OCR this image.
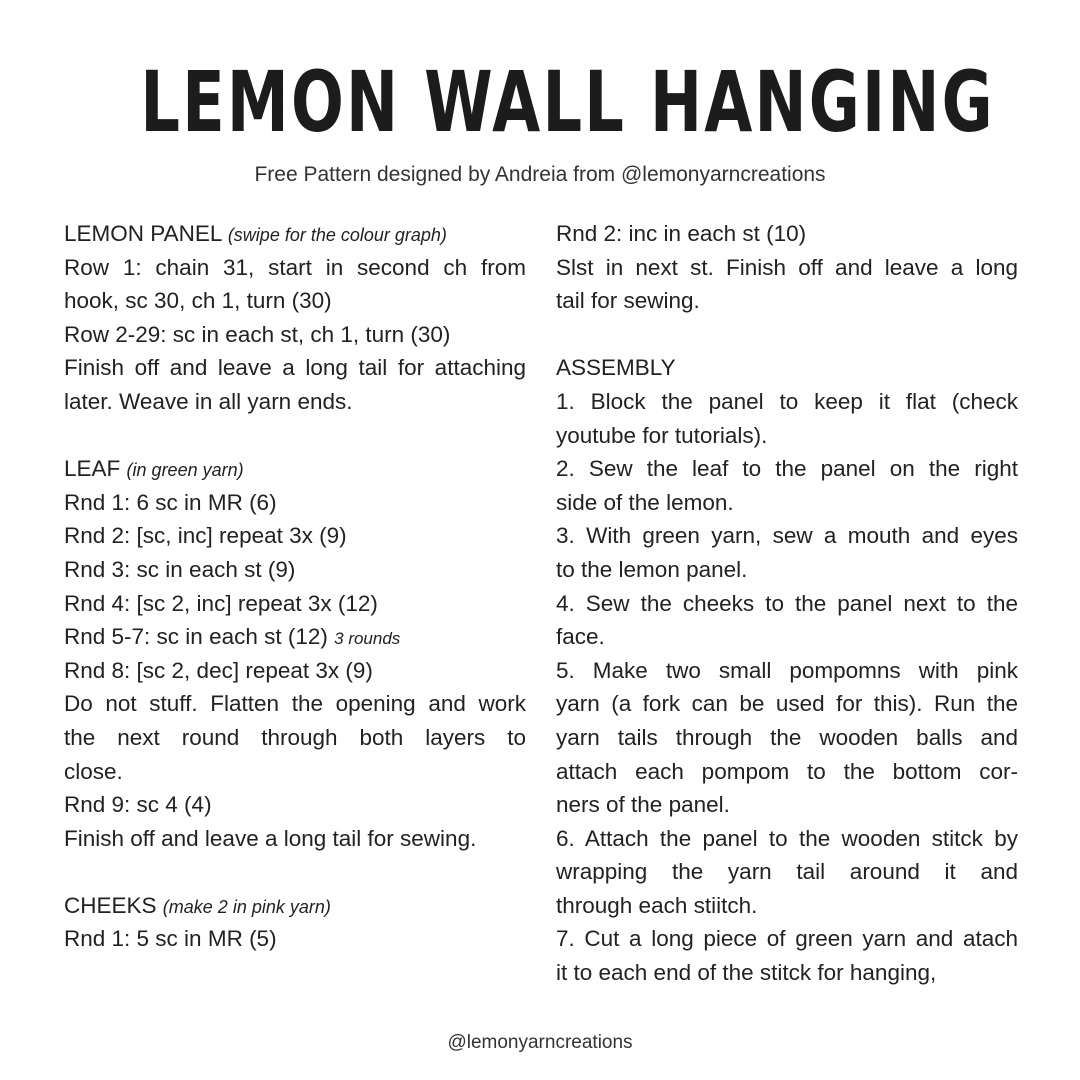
LEMON WALL HANGING
Free Pattern designed by Andreia from @lemonyarncreations
LEMON PANEL (swipe for the colour graph)
Row 1: chain 31, start in second ch from
hook, sc 30, ch 1, turn (30)
Row 2-29: sc in each st, ch 1, turn (30)
Finish off and leave a long tail for attaching
later. Weave in all yarn ends.
LEAF (in green yarn)
Rnd 1: 6 sc in MR (6)
Rnd 2: [sc, inc] repeat 3x (9)
Rnd 3: sc in each st (9)
Rnd 4: [sc 2, inc] repeat 3x (12)
Rnd 5-7: sc in each st (12) 3 rounds
Rnd 8: [sc 2, dec] repeat 3x (9)
Do not stuff. Flatten the opening and work
the next round through both layers to
close.
Rnd 9: sc 4 (4)
Finish off and leave a long tail for sewing.
CHEEKS (make 2 in pink yarn)
Rnd 1: 5 sc in MR (5)
Rnd 2: inc in each st (10)
Slst in next st. Finish off and leave a long
tail for sewing.
ASSEMBLY
1. Block the panel to keep it flat (check
youtube for tutorials).
2. Sew the leaf to the panel on the right
side of the lemon.
3. With green yarn, sew a mouth and eyes
to the lemon panel.
4. Sew the cheeks to the panel next to the
face.
5. Make two small pompomns with pink
yarn (a fork can be used for this). Run the
yarn tails through the wooden balls and
attach each pompom to the bottom cor-
ners of the panel.
6. Attach the panel to the wooden stitck by
wrapping the yarn tail around it and
through each stiitch.
7. Cut a long piece of green yarn and atach
it to each end of the stitck for hanging,
@lemonyarncreations
